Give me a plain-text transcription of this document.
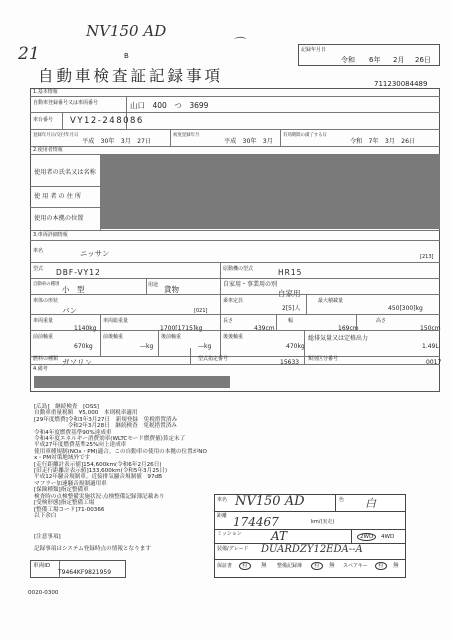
NV150 AD
21
⌒
B
自動車検査証記録事項
記録年月日
令和 6年 2月 26日
711230084489
1.基本情報
自動車登録番号又は車両番号	山口　400　つ　3699
車台番号 VY12-248086
登録年月日/交付年月日
平成　30年　3月　27日
初度登録年月
平成　30年　3月
有効期間の満了する日
令和　7年　3月　26日
2.使用者情報
使用者の氏名又は名称
使用者の住所
使用の本拠の位置
3.車両詳細情報
車名	ニッサン	[213]
型式 DBF-VY12	原動機の型式	HR15
自動車の種別
小　型	用途 貨物
自家用・事業用の別
自家用
車体の形状
バン	[021]
乗車定員
2[5]人
最大積載量
450[300]kg
車両重量
1140kg
車両総重量
1700[1715]kg
長さ
439cm
幅
169cm
高さ
150cm
前前軸重
670kg
前後軸重
—kg
後前軸重
—kg
後後軸重
470kg
総排気量又は定格出力
1.49L
燃料の種類 ガソリン	型式指定番号	15633 類別区分番号	0017
4.備考
[広島]　継続検査　[OSS]
自動車重量税額　¥5,000　本則税率適用
[29年度燃費]令和3年3月27日　新規登録　免税措置済み
　　　　　　令和2年3月28日　継続検査　免税措置済み
令和4年度燃費基準90%達成車
令和4年度エネルギー消費効率(WLTCモード燃費値)算定未了
平成27年度燃費基準25%向上達成車
使用車種規制(NOx・PM)適合。この自動車の使用の本拠の位置がNO
x・PM対策地域外です
[走行距離計表示値]154,600km(令和6年2月26日)
[旧走行距離計表示値]133,600km(令和5年3月25日)
平成12年騒音規制車。近接排気騒音規制値　97dB
マフラー加速騒音規制適用車
[保険種類]指定整備車
検査時の点検整備実施状況:点検整備記録簿記載あり
[受検形態]指定整備工場
[整備工場コード]71-00366
以下余白
[注意事項]
記録事項はシステム登録時点の情報となります
車両ID
T9464KF9821959
0020-0300
車名 NV150 AD	色 白
距離 174467	km/(実走)
ミッション AT	2WD	4WD
装備/グレード DUARDZY12EDA--A
保証書	有	無 整備記録簿	有	無 スペアキー	有	無
